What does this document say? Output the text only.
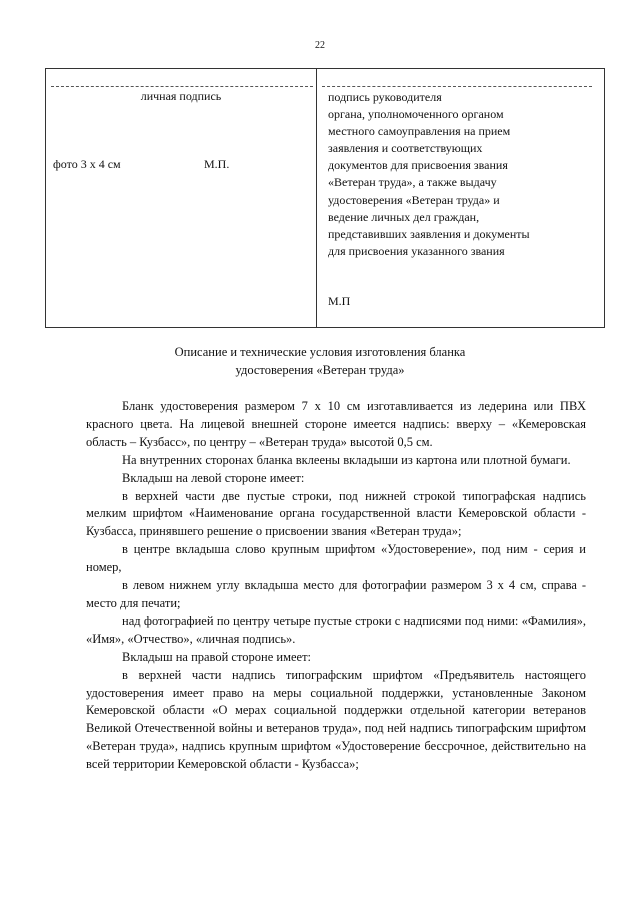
22
личная подпись
фото 3 х 4 см	М.П.
подпись руководителя
органа, уполномоченного органом
местного самоуправления на прием
заявления и соответствующих
документов для присвоения звания
«Ветеран труда», а также выдачу
удостоверения «Ветеран труда» и
ведение личных дел граждан,
представивших заявления и документы
для присвоения указанного звания
М.П
Описание и технические условия изготовления бланка
удостоверения «Ветеран труда»

Бланк удостоверения размером 7 х 10 см изготавливается из ледерина или ПВХ красного цвета. На лицевой внешней стороне имеется надпись: вверху – «Кемеровская область – Кузбасс», по центру – «Ветеран труда» высотой 0,5 см.

На внутренних сторонах бланка вклеены вкладыши из картона или плотной бумаги.

Вкладыш на левой стороне имеет:

в верхней части две пустые строки, под нижней строкой типографская надпись мелким шрифтом «Наименование органа государственной власти Кемеровской области - Кузбасса, принявшего решение о присвоении звания «Ветеран труда»;

в центре вкладыша слово крупным шрифтом «Удостоверение», под ним - серия и номер,

в левом нижнем углу вкладыша место для фотографии размером 3 х 4 см, справа - место для печати;

над фотографией по центру четыре пустые строки с надписями под ними: «Фамилия», «Имя», «Отчество», «личная подпись».

Вкладыш на правой стороне имеет:

в верхней части надпись типографским шрифтом «Предъявитель настоящего удостоверения имеет право на меры социальной поддержки, установленные Законом Кемеровской области «О мерах социальной поддержки отдельной категории ветеранов Великой Отечественной войны и ветеранов труда», под ней надпись типографским шрифтом «Ветеран труда», надпись крупным шрифтом «Удостоверение бессрочное, действительно на всей территории Кемеровской области - Кузбасса»;
